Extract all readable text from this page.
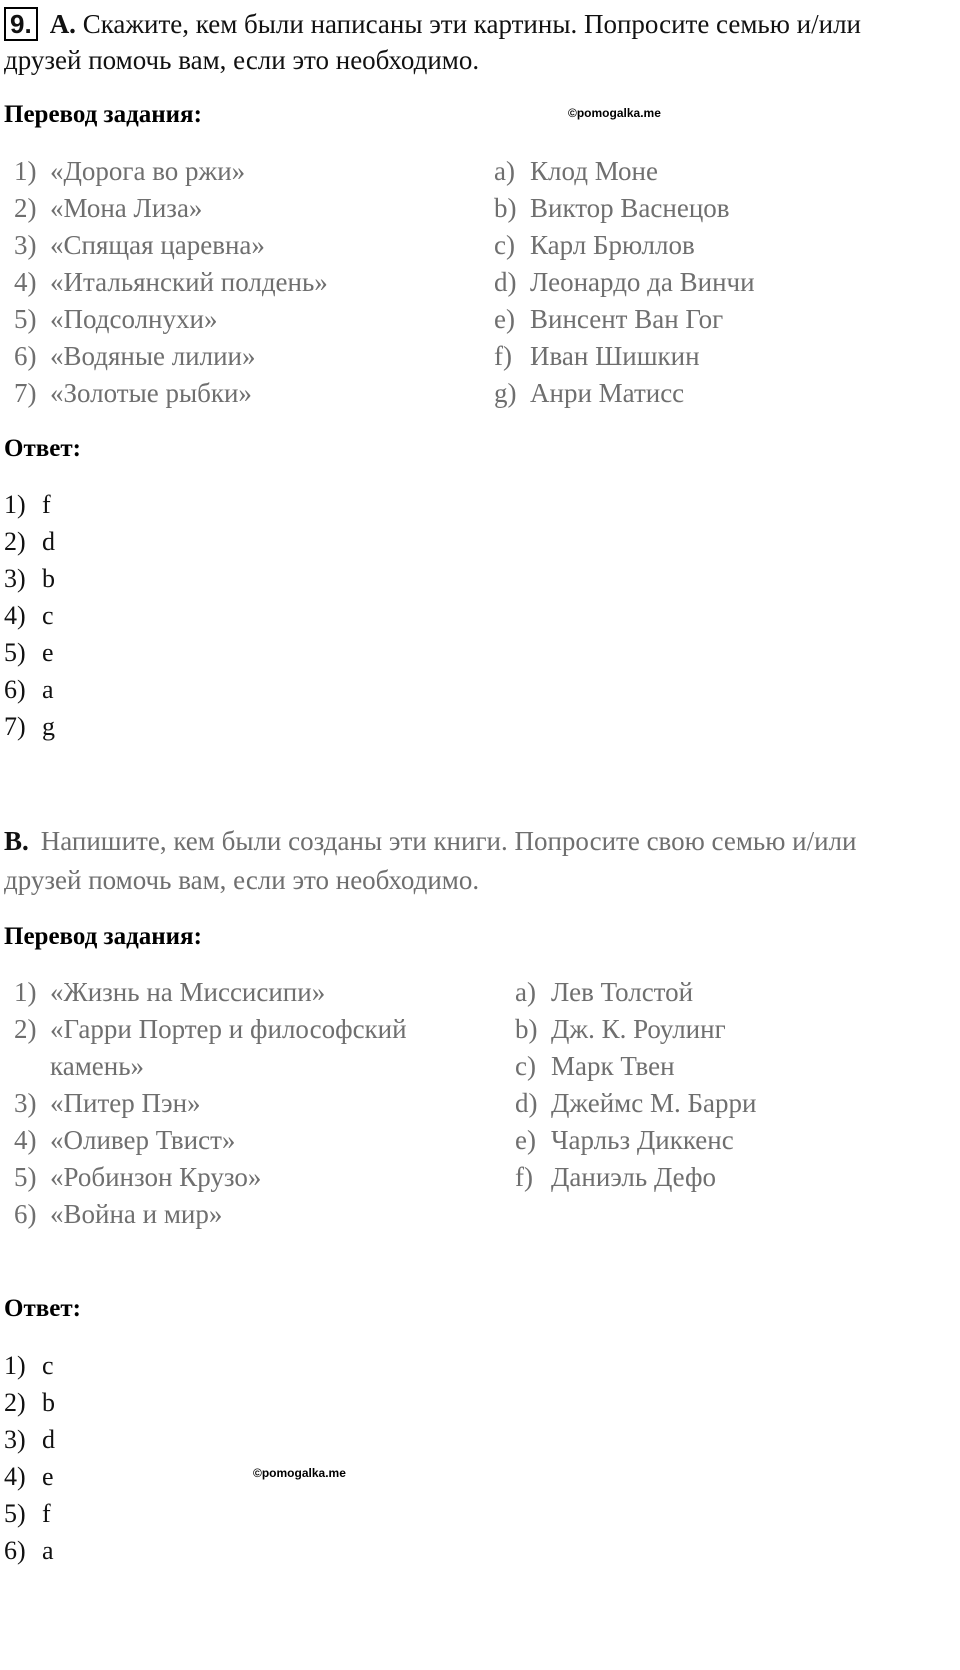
9. A. Скажите, кем были написаны эти картины. Попросите семью и/или
друзей помочь вам, если это необходимо.
Перевод задания:	©pomogalka.me
1) «Дорога во ржи»
2) «Мона Лиза»
3) «Спящая царевна»
4) «Итальянский полдень»
5) «Подсолнухи»
6) «Водяные лилии»
7) «Золотые рыбки»
a) Клод Моне
b) Виктор Васнецов
c) Карл Брюллов
d) Леонардо да Винчи
e) Винсент Ван Гог
f) Иван Шишкин
g) Анри Матисс
Ответ:
1) f
2) d
3) b
4) c
5) e
6) a
7) g
B. Напишите, кем были созданы эти книги. Попросите свою семью и/или
друзей помочь вам, если это необходимо.
Перевод задания:
1) «Жизнь на Миссисипи»
2) «Гарри Портер и философский
камень»
3) «Питер Пэн»
4) «Оливер Твист»
5) «Робинзон Крузо»
6) «Война и мир»
a) Лев Толстой
b) Дж. К. Роулинг
c) Марк Твен
d) Джеймс М. Барри
e) Чарльз Диккенс
f) Даниэль Дефо
Ответ:
1) c
2) b
3) d
4) e
5) f
6) a
©pomogalka.me
